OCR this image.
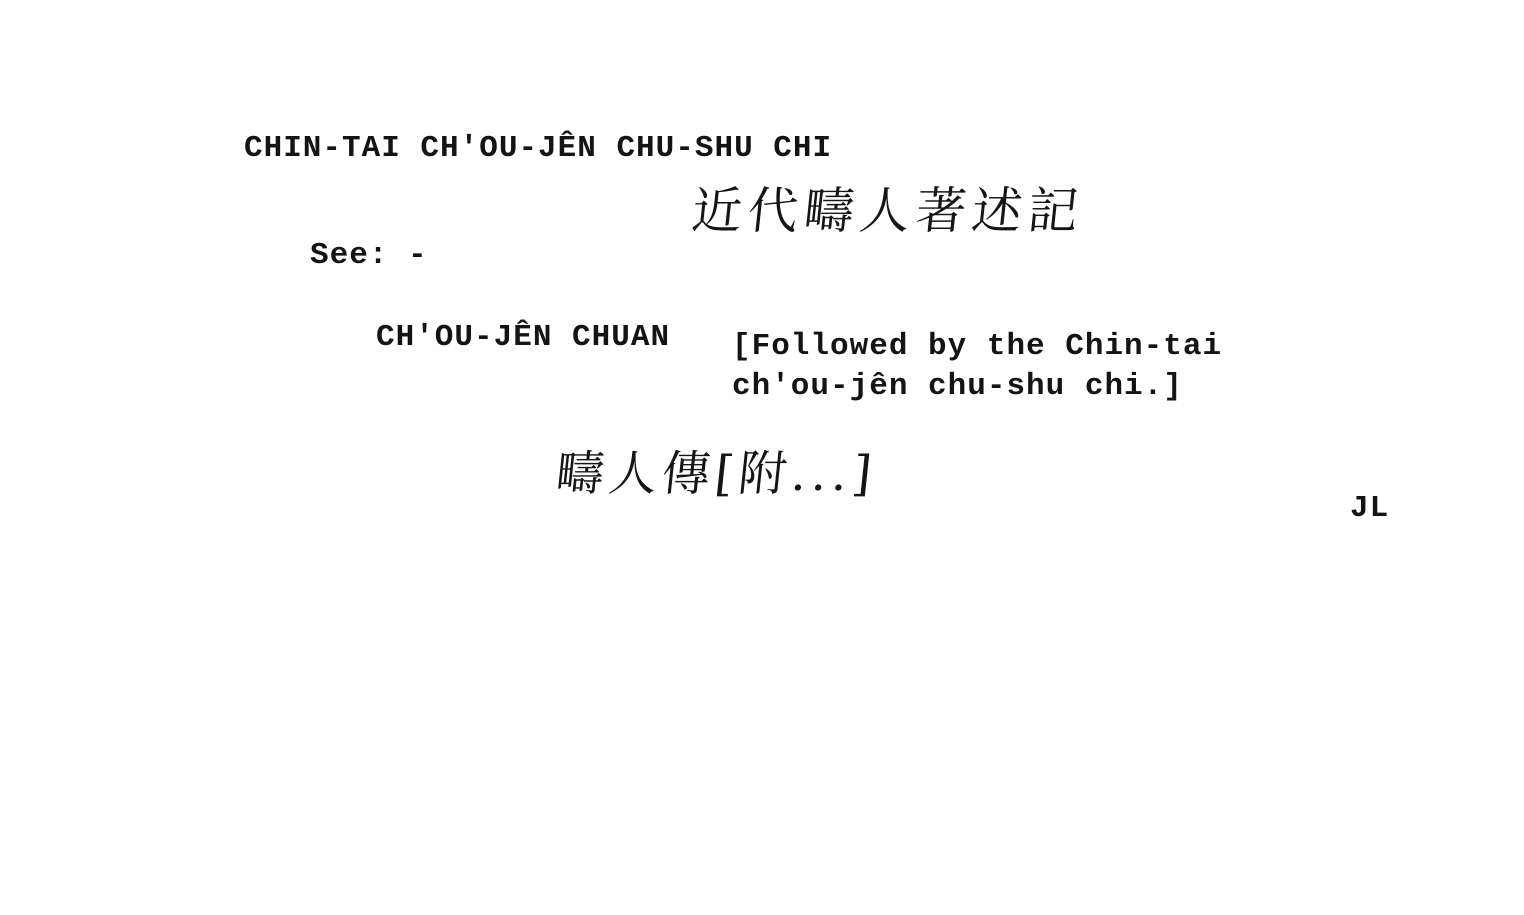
CHIN-TAI CH'OU-JÊN CHU-SHU CHI
近代疇人著述記
See: -
CH'OU-JÊN CHUAN [Followed by the Chin-tai
ch'ou-jên chu-shu chi.]
疇人傳[附...]
JL
